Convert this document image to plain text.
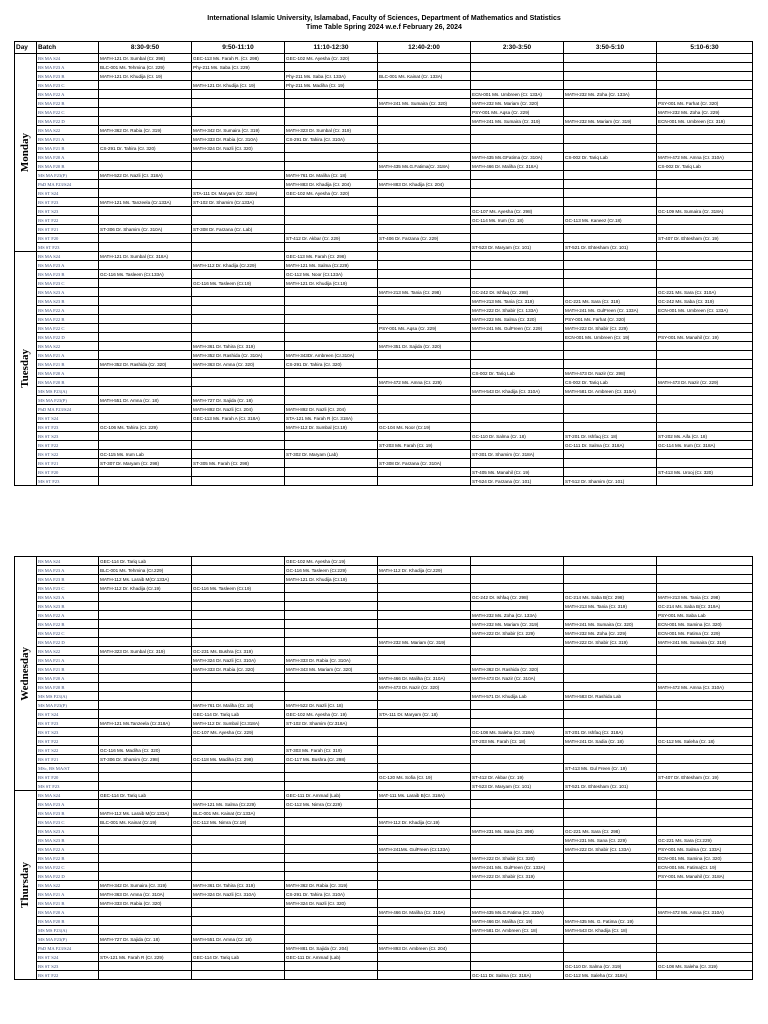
International Islamic University, Islamabad, Faculty of Sciences, Department of Mathematics and Statistics
Time Table Spring 2024 w.e.f February 26, 2024
Day	Batch	8:30-9:50	9:50-11:10	11:10-12:30	12:40-2:00	2:30-3:50	3:50-5:10	5:10-6:30

Monday	BS MA S24	MATH-121 Dr. Sumbal (Cr. 298)	GEC-113 Ms. Farah R. (Cr. 298)	GEC-102 Ms. Ayesha (Cr. 320)				
	BS MA F23 A	BLC-001 Ms. Tehmina (Cr. 229)	Phy-211 Ms. Saba (Cr. 229)					
	BS MA F23 B	MATH-121 Dr. Khudija (Cr. 19)		Phy-211 Ms. Saba (Cr. 133A)	BLC-001 Ms. Kainat (Cr. 133A)			
	BS MA F23 C		MATH-121 Dr. Khudija (Cr. 19)	Phy-211 Ms. Madiha (Cr. 19)				
	BS MA F22 A					ECN-001 Ms. Umbreen (Cr. 133A)	MATH-232 Ms. Zoha (Cr. 133A)	
	BS MA F22 B				MATH-241 Ms. Sumaira (Cr. 320)	MATH-232 Ms. Mariam (Cr. 320)		PSY-001 Ms. Farhat (Cr. 320)
	BS MA F22 C					PSY-001 Ms. Aqsa (Cr. 229)		MATH-232 Ms. Zoha (Cr. 229)
	BS MA F22 D					MATH-241 Ms. Sumaira (Cr. 319)	MATH-232 Ms. Mariam (Cr. 319)	ECN-001 Ms. Umbreen (Cr. 319)
	BS MA S22	MATH-362 Dr. Rabia (Cr. 319)	MATH-342 Dr. Sumaira (Cr. 319)	MATH-323 Dr. Sumbal (Cr. 319)				
	BS MA F21 A		MATH-333 Dr. Rabia (Cr. 310A)	CS-291 Dr. Tahira (Cr. 310A)				
	BS MA F21 B	CS-291 Dr. Tahira (Cr. 320)	MATH-324 Dr. Nazli (Cr. 320)					
	BS MA F20 A					MATH-435 Ms.GFatima (Cr. 310A)	CS-002 Dr. Tariq Lab	MATH-472 Ms. Amna (Cr. 310A)
	BS MA F20 B				MATH-435 Ms.G.Fatima(Cr. 318A)	MATH-466 Dr. Maliha (Cr. 318A)		CS-002 Dr. Tariq Lab
	MS MA F23(P)	MATH-522 Dr. Nazli (Cr. 318A)		MATH-761 Dr. Maliha (Cr. 18)				
	PhD MA F23/S24			MATH-883 Dr. Khadija (Cr. 204)	MATH-883 Dr. Khadija (Cr. 204)			
	BS ST S24		STA-111 Dr. Maryam (Cr. 318A)	GEC-102 Ms. Ayesha (Cr. 320)				
	BS ST F23	MATH-121 Ms. Tanzeela (Cr.133A)	ST-102 Dr. Shamim (Cr.133A)					
	BS ST S23					GC-107 Ms. Ayesha (Cr. 298)		GC-109 Ms. Sumaira (Cr. 318A)
	BS ST F22					GC-114 Ms. Irum (Cr. 18)	GC-113 Ms. Kaneez (Cr.18)	
	BS ST F21	ST-306 Dr. Shamim (Cr. 310A)	ST-308 Dr. Farzana (Cr. Lab)					
	BS ST F20			ST-412 Dr. Akbar (Cr. 229)	ST-406 Dr. Farzana (Cr. 229)			ST-407 Dr. Ehtesham (Cr. 19)
	MS ST F23					ST-523 Dr. Maryam (Cr. 101)	ST-521 Dr. Ehtesham (Cr. 101)	

Tuesday	BS MA S24	MATH-121 Dr. Sumbal (Cr. 318A)		GEC-113 Ms. Farah (Cr. 298)				
	BS MA F23 A		MATH-112 Dr. Khadija (Cr.229)	MATH-121 Ms. Salma (Cr.229)				
	BS MA F23 B	GC-116 Ms. Tasleem (Cr.133A)		GC-112 Ms. Noor (Cr.133A)				
	BS MA F23 C		GC-116 Ms. Tasleem (Cr.19)	MATH-121 Dr. Khudija (Cr.19)				
	BS MA S23 A				MATH-213 Ms. Tania (Cr. 298)	GC-242 Dr. Ishfaq (Cr. 298)		GC-221 Ms. Sara (Cr. 310A)
	BS MA S23 B					MATH-213 Ms. Tania (Cr. 319)	GC-221 Ms. Sara (Cr. 319)	GC-242 Ms. Saba (Cr. 319)
	BS MA F22 A					MATH-222 Dr. Shabir (Cr. 133A)	MATH-241 Ms. GulFreen (Cr. 133A)	ECN-001 Ms. Umbreen (Cr. 133A)
	BS MA F22 B					MATH-222 Ms. Salma (Cr. 320)	PSY-001 Ms. Farhat (Cr. 320)	
	BS MA F22 C				PSY-001 Ms. Aqsa (Cr. 229)	MATH-241 Ms. GulFreen (Cr. 229)	MATH-222 Dr. Shabir (Cr. 229)	
	BS MA F22 D						ECN-001 Ms. Umbreen (Cr. 19)	PSY-001 Ms. Manahil (Cr. 19)
	BS MA S22		MATH-361 Dr. Tahira (Cr. 319)		MATH-351 Dr. Sajida (Cr. 320)			
	BS MA F21 A		MATH-352 Dr. Rashida (Cr. 310A)	MATH-343Dr. Ambreen (Cr.310A)				
	BS MA F21 B	MATH-352 Dr. Rashida (Cr. 320)	MATH-363 Dr. Amna (Cr. 320)	CS-291 Dr. Tahira (Cr. 320)				
	BS MA F20 A					CS-002 Dr. Tariq Lab	MATH-473 Dr. Nazir (Cr. 298)	
	BS MA F20 B				MATH-472 Ms. Amna (Cr. 229)		CS-002 Dr. Tariq Lab	MATH-473 Dr. Nazir (Cr. 229)
	MS MS F23(A)					MATH-543 Dr. Khadija (Cr. 310A)	MATH-581 Dr. Ambreen (Cr. 310A)	
	MS MA F23(P)	MATH-551 Dr. Amna (Cr. 18)	MATH-727 Dr. Sajida (Cr. 18)					
	PhD MA F23/S24		MATH-892 Dr. Nazli (Cr. 204)	MATH-892 Dr. Nazli (Cr. 204)				
	BS ST S24		GEC-113 Ms. Farah A (Cr. 318A)	STA-121 Ms. Farah R (Cr. 318A)				
	BS ST F23	GC-106 Ms. Tahira (Cr. 229)		MATH-112 Dr. Sumbal (Cr.19)	GC-104 Ms. Noor (Cr.19)			
	BS ST S23					GC-110 Dr. Salma (Cr. 18)	ST-201 Dr. Ishfaq (Cr. 18)	ST-202 Ms. Aifa (Cr. 18)
	BS ST F22				ST-203 Ms. Farah (Cr. 19)		GC-111 Dr. Salma (Cr. 318A)	GC-114 Ms. Irum (Cr. 318A)
	BS ST S22	GC-115 Ms. Irum Lab		ST-302 Dr. Maryam (Lab)		ST-301 Dr. Shamim (Cr. 318A)		
	BS ST F21	ST-307 Dr. Maryam (Cr. 298)	ST-305 Ms. Farah (Cr. 298)		ST-308 Dr. Farzana (Cr. 310A)			
	BS ST F20					ST-405 Ms. Manahil (Cr. 19)		ST-413 Ms. Urooj (Cr. 320)
	MS ST F23					ST-524 Dr. Farzana (Cr. 101)	ST-512 Dr. Shamim (Cr. 101)	
Wednesday	BS MA S24	GEC-114 Dr. Tariq Lab		GEC-102 Ms. Ayesha (Cr.19)				
	BS MA F23 A	BLC-001 Ms. Tehmina (Cr.229)		GC-116 Ms. Tasleem (Cr.229)	MATH-112 Dr. Khadija (Cr.229)			
	BS MA F23 B	MATH-112 Ms. Laraib M(Cr.133A)		MATH-121 Dr. Khudija (Cr.19)				
	BS MA F23 C	MATH-112 Dr. Khadija (Cr.19)	GC-116 Ms. Tasleem (Cr.19)					
	BS MA S23 A					GC-242 Dr. Ishfaq (Cr. 298)	GC-214 Ms. Saba B(Cr. 298)	MATH-213 Ms. Tania (Cr. 298)
	BS MA S23 B						MATH-213 Ms. Tania (Cr. 319)	GC-214 Ms. Saba B(Cr. 319A)
	BS MA F22 A					MATH-232 Ms. Zoha (Cr. 133A)		PSY-001 Ms. Saba Lab
	BS MA F22 B					MATH-232 Ms. Mariam (Cr. 319)	MATH-241 Ms. Sumaira (Cr. 320)	ECN-001 Ms. Samina (Cr. 320)
	BS MA F22 C					MATH-222 Dr. Shabir (Cr. 229)	MATH-232 Ms. Zoha (Cr. 229)	ECN-001 Ms. Fatima (Cr. 229)
	BS MA F22 D				MATH-232 Ms. Mariam (Cr. 319)		MATH-222 Dr. Shabir (Cr. 319)	MATH-241 Ms. Sumaira (Cr. 319)
	BS MA S22	MATH-323 Dr. Sumbal (Cr. 319)	GC-231 Ms. Bushra (Cr. 319)					
	BS MA F21 A		MATH-324 Dr. Nazli (Cr. 310A)	MATH-333 Dr. Rabia (Cr. 310A)				
	BS MA F21 B		MATH-333 Dr. Rabia (Cr. 320)	MATH-343 Ms. Mariam (Cr. 320)		MATH-362 Dr. Rashida (Cr. 320)		
	BS MA F20 A				MATH-466 Dr. Maliha (Cr. 310A)	MATH-473 Dr. Nazir (Cr. 310A)		
	BS MA F20 B				MATH-473 Dr. Nazir (Cr. 320)			MATH-472 Ms. Amna (Cr. 310A)
	MS MS F23(A)					MATH-571 Dr. Khudija Lab	MATH-583 Dr. Rashida Lab	
	MS MA F23(P)		MATH-761 Dr. Maliha (Cr. 18)	MATH-522 Dr. Nazli (Cr. 18)				
	BS ST S24		GEC-114 Dr. Tariq Lab	GEC-102 Ms. Ayesha (Cr. 19)	STA-111 Dr. Maryam (Cr. 18)			
	BS ST F23	MATH-121 Ms.Tanzeela (Cr.318A)	MATH-112 Dr. Sumbal (Cr.318A)	ST-102 Dr. Shamim (Cr.318A)				
	BS ST S23		GC-107 Ms. Ayesha (Cr. 229)			GC-108 Ms. Saleha (Cr. 318A)	ST-201 Dr. Ishfaq (Cr. 318A)	
	BS ST F22					ST-203 Ms. Farah (Cr. 18)	MATH-241 Dr. Sadia (Cr. 18)	GC-112 Ms. Saleha (Cr. 18)
	BS ST S22	GC-116 Ms. Madiha (Cr. 320)		ST-303 Ms. Farah (Cr. 319)				
	BS ST F21	ST-306 Dr. Shamim (Cr. 298)	GC-118 Ms. Madiha (Cr. 298)	GC-117 Ms. Bushra (Cr. 298)				
	MSc, BS MA/ST						ST-413 Ms. Gul Freen (Cr. 19)	
	BS ST F20				GC-120 Ms. Sofia (Cr. 19)	ST-412 Dr. Akbar (Cr. 19)		ST-407 Dr. Ehtesham (Cr. 19)
	MS ST F23					ST-523 Dr. Maryam (Cr. 101)	ST-521 Dr. Ehtesham (Cr. 101)	

Thursday	BS MA S24	GEC-114 Dr. Tariq Lab		GEC-111 Dr. Ammad (Lab)	MAT-111 Ms. Laraib B(Cr. 318A)			
	BS MA F23 A		MATH-121 Ms. Salma (Cr.229)	GC-112 Ms. Nimra (Cr.229)				
	BS MA F23 B	MATH-112 Ms. Laraib M(Cr.133A)	BLC-001 Ms. Kainat (Cr.133A)					
	BS MA F23 C	BLC-001 Ms. Kainat (Cr.19)	GC-112 Ms. Nimra (Cr.19)		MATH-112 Dr. Khadija (Cr.19)			
	BS MA S23 A					MATH-231 Ms. Sana (Cr. 298)	GC-221 Ms. Sara (Cr. 298)	
	BS MA S23 B						MATH-231 Ms. Sana (Cr. 229)	GC-221 Ms. Sara (Cr.229)
	BS MA F22 A				MATH-241Ms. GulFreen (Cr.133A)		MATH-222 Dr. Shabir (Cr. 133A)	PSY-001 Ms. Salma (Cr. 133A)
	BS MA F22 B					MATH-222 Dr. Shabir (Cr. 320)		ECN-001 Ms. Samina (Cr. 320)
	BS MA F22 C					MATH-241 Ms. GulFreen (Cr. 133A)		ECN-001 Ms. Fatima(Cr. 19)
	BS MA F22 D					MATH-222 Dr. Shabir (Cr. 319)		PSY-001 Ms. Manahil (Cr. 318A)
	BS MA S22	MATH-342 Dr. Sumaira (Cr. 319)	MATH-361 Dr. Tahira (Cr. 319)	MATH-362 Dr. Rabia (Cr. 319)				
	BS MA F21 A	MATH-363 Dr. Amna (Cr. 310A)	MATH-324 Dr. Nazli (Cr. 310A)	CS-291 Dr. Tahira (Cr. 310A)				
	BS MA F21 B	MATH-333 Dr. Rabia (Cr. 320)		MATH-324 Dr. Nazli (Cr. 320)				
	BS MA F20 A				MATH-466 Dr. Maliha (Cr. 310A)	MATH-435 Ms.G.Fatima (Cr. 310A)		MATH-472 Ms. Amna (Cr. 310A)
	BS MA F20 B					MATH-466 Dr. Maliha (Cr. 19)	MATH-435 Ms. G. Fatima (Cr. 19)	
	MS MS F23(A)					MATH-581 Dr. Ambreen (Cr. 18)	MATH-543 Dr. Khadija (Cr. 18)	
	MS MA F23(P)	MATH-727 Dr. Sajida (Cr. 18)	MATH-551 Dr. Amna (Cr. 18)					
	PhD MA F23/S24			MATH-881 Dr. Sajida (Cr. 204)	MATH-893 Dr. Ambreen (Cr. 204)			
	BS ST S24	STA-121 Ms. Farah R (Cr. 229)	GEC-114 Dr. Tariq Lab	GEC-111 Dr. Ammad (Lab)				
	BS ST S23						GC-110 Dr. Salma (Cr. 319)	GC-108 Ms. Saleha (Cr. 319)
	BS ST F22					GC-111 Dr. Salma (Cr. 318A)	GC-112 Ms. Saleha (Cr. 318A)	
